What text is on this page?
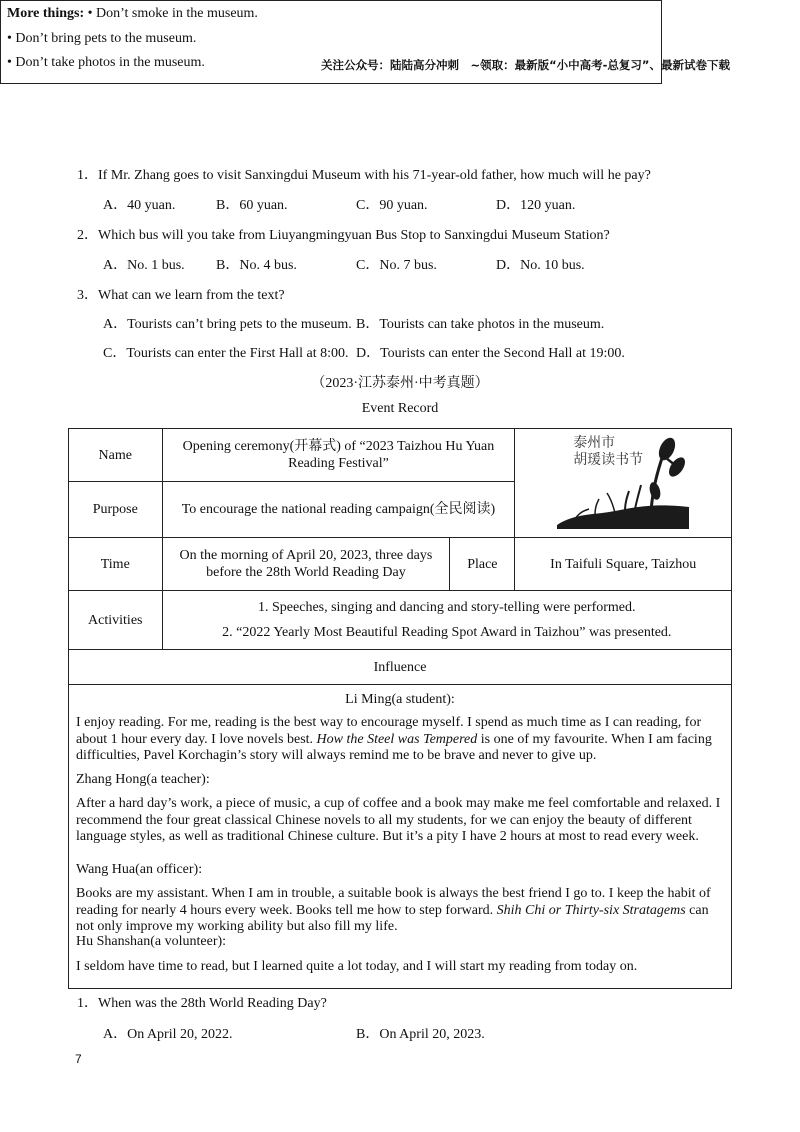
关注公众号：陆陆高分冲刺　~领取：最新版“小中高考-总复习”、最新试卷下载
More things: • Don’t smoke in the museum.
• Don’t bring pets to the museum.
• Don’t take photos in the museum.
1．If Mr. Zhang goes to visit Sanxingdui Museum with his 71-year-old father, how much will he pay?
A．40 yuan.	B．60 yuan.	C．90 yuan.	D．120 yuan.
2．Which bus will you take from Liuyangmingyuan Bus Stop to Sanxingdui Museum Station?
A．No. 1 bus. B．No. 4 bus.	C．No. 7 bus.	D．No. 10 bus.
3．What can we learn from the text?
A．Tourists can’t bring pets to the museum. B．Tourists can take photos in the museum.
C．Tourists can enter the First Hall at 8:00. D．Tourists can enter the Second Hall at 19:00.
（2023·江苏泰州·中考真题）
Event Record
Name	Opening ceremony(开幕式) of “2023 Taizhou Hu Yuan Reading Festival”		泰州市
胡瑗读书节

Purpose	To encourage the national reading campaign(全民阅读)		
Time	On the morning of April 20, 2023, three days before the 28th World Reading Day	Place	In Taifuli Square, Taizhou
Activities	1. Speeches, singing and dancing and story-telling were performed.
2. “2022 Yearly Most Beautiful Reading Spot Award in Taizhou” was presented.		

Influence			
Li Ming(a student):
I enjoy reading. For me, reading is the best way to encourage myself. I spend as much time as I can reading, for about 1 hour every day. I love novels best. How the Steel was Tempered is one of my favourite. When I am facing difficulties, Pavel Korchagin’s story will always remind me to be brave and never to give up.
Zhang Hong(a teacher):
After a hard day’s work, a piece of music, a cup of coffee and a book may make me feel comfortable and relaxed. I recommend the four great classical Chinese novels to all my students, for we can enjoy the beauty of different language styles, as well as traditional Chinese culture. But it’s a pity I have 2 hours at most to read every week.
Wang Hua(an officer):
Books are my assistant. When I am in trouble, a suitable book is always the best friend I go to. I keep the habit of reading for nearly 4 hours every week. Books tell me how to step forward. Shih Chi or Thirty-six Stratagems can not only improve my working ability but also fill my life.
Hu Shanshan(a volunteer):
I seldom have time to read, but I learned quite a lot today, and I will start my reading from today on.
1．When was the 28th World Reading Day?
A．On April 20, 2022.	B．On April 20, 2023.
7
